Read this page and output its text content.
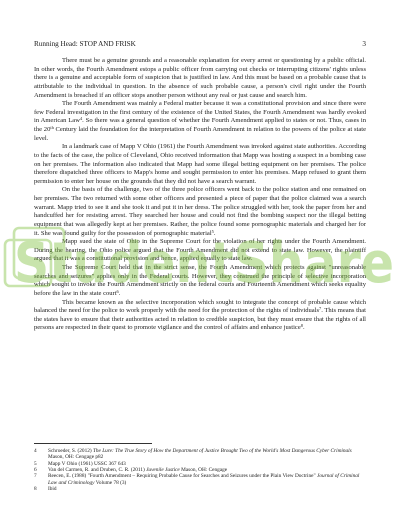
Running Head: STOP AND FRISK	3

There must be a genuine grounds and a reasonable explanation for every arrest or questioning by a public official. In other words, the Fourth Amendment estops a public officer from carrying out checks or interrupting citizens' rights unless there is a genuine and acceptable form of suspicion that is justified in law. And this must be based on a probable cause that is attributable to the individual in question. In the absence of such probable cause, a person's civil right under the Fourth Amendment is breached if an officer stops another person without any real or just cause and search him.

The Fourth Amendment was mainly a Federal matter because it was a constitutional provision and since there were few Federal investigation in the first century of the existence of the United States, the Fourth Amendment was hardly evoked in American Law$^4$. So there was a general question of whether the Fourth Amendment applied to states or not. Thus, cases in the 20th Century laid the foundation for the interpretation of Fourth Amendment in relation to the powers of the police at state level.

In a landmark case of Mapp V Ohio (1961) the Fourth Amendment was invoked against state authorities. According to the facts of the case, the police of Cleveland, Ohio received information that Mapp was hosting a suspect in a bombing case on her premises. The information also indicated that Mapp had some illegal betting equipment on her premises. The police therefore dispatched three officers to Mapp's home and sought permission to enter his premises. Mapp refused to grant them permission to enter her house on the grounds that they did not have a search warrant.

On the basis of the challenge, two of the three police officers went back to the police station and one remained on her premises. The two returned with some other officers and presented a piece of paper that the police claimed was a search warrant. Mapp tried to see it and she took it and put it in her dress. The police struggled with her, took the paper from her and handcuffed her for resisting arrest. They searched her house and could not find the bombing suspect nor the illegal betting equipment that was allegedly kept at her premises. Rather, the police found some pornographic materials and charged her for it. She was found guilty for the possession of pornographic material$^5$.

Mapp sued the state of Ohio in the Supreme Court for the violation of her rights under the Fourth Amendment. During the hearing, the Ohio police argued that the Fourth Amendment did not extend to state law. However, the plaintiff argued that it was a constitutional provision and hence, applied equally to state law.

The Supreme Court held that in the strict sense, the Fourth Amendment which protects against "unreasonable searches and seizures" applies only in the Federal courts. However, they construed the principle of selective incorporation which sought to invoke the Fourth Amendment strictly on the federal courts and Fourteenth Amendment which seeks equality before the law in the state court$^6$.

This became known as the selective incorporation which sought to integrate the concept of probable cause which balanced the need for the police to work properly with the need for the protection of the rights of individuals$^7$. This means that the states have to ensure that their authorities acted in relation to credible suspicion, but they must ensure that the rights of all persons are respected in their quest to promote vigilance and the control of affairs and enhance justice$^8$.

4	Schroeder, S. (2012) The Lure: The True Story of How the Department of Justice Brought Two of the World's Most Dangerous Cyber Criminals Mason, OH: Cengage p82
5	Mapp V Ohio (1961) USSC 367 643
6	Van del Carmen, R. and Druben, C. R. (2011) Juvenile Justice Mason, OH: Cengage
7	Reecen, E. (1988) "Fourth Amendment – Requiring Probable Cause for Searches and Seizures under the Plain View Doctrine" Journal of Criminal Law and Criminology Volume 78 (3)
8	Ibid
StudentShare
